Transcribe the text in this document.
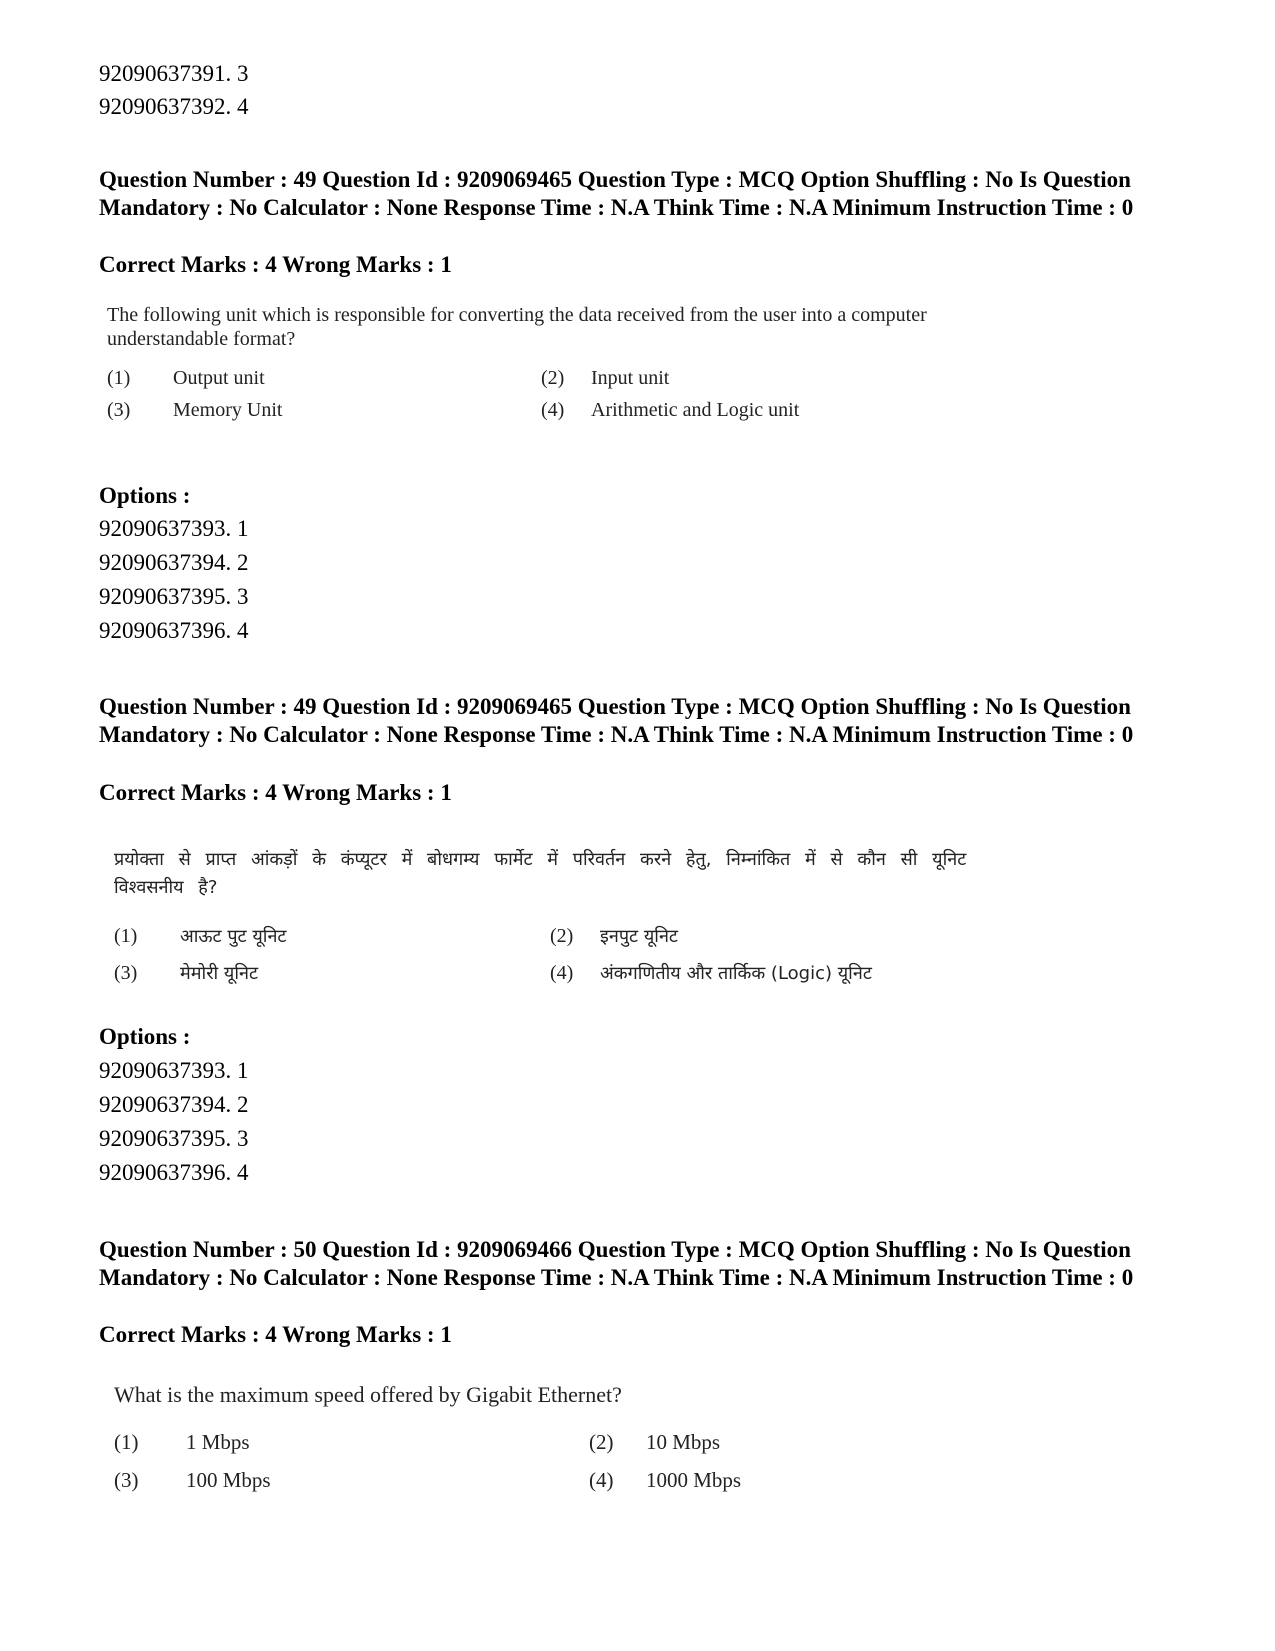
92090637391. 3
92090637392. 4
Question Number : 49 Question Id : 9209069465 Question Type : MCQ Option Shuffling : No Is Question Mandatory : No Calculator : None Response Time : N.A Think Time : N.A Minimum Instruction Time : 0
Correct Marks : 4 Wrong Marks : 1
The following unit which is responsible for converting the data received from the user into a computer understandable format?
(1) Output unit	(2) Input unit
(3) Memory Unit	(4) Arithmetic and Logic unit
Options :
92090637393. 1
92090637394. 2
92090637395. 3
92090637396. 4
Question Number : 49 Question Id : 9209069465 Question Type : MCQ Option Shuffling : No Is Question Mandatory : No Calculator : None Response Time : N.A Think Time : N.A Minimum Instruction Time : 0
Correct Marks : 4 Wrong Marks : 1
प्रयोक्ता से प्राप्त आंकड़ों के कंप्यूटर में बोधगम्य फार्मेट में परिवर्तन करने हेतु, निम्नांकित में से कौन सी यूनिट विश्वसनीय है?
(1) आऊट पुट यूनिट	(2) इनपुट यूनिट
(3) मेमोरी यूनिट	(4) अंकगणितीय और तार्किक (Logic) यूनिट
Options :
92090637393. 1
92090637394. 2
92090637395. 3
92090637396. 4
Question Number : 50 Question Id : 9209069466 Question Type : MCQ Option Shuffling : No Is Question Mandatory : No Calculator : None Response Time : N.A Think Time : N.A Minimum Instruction Time : 0
Correct Marks : 4 Wrong Marks : 1
What is the maximum speed offered by Gigabit Ethernet?
(1) 1 Mbps	(2) 10 Mbps
(3) 100 Mbps	(4) 1000 Mbps
